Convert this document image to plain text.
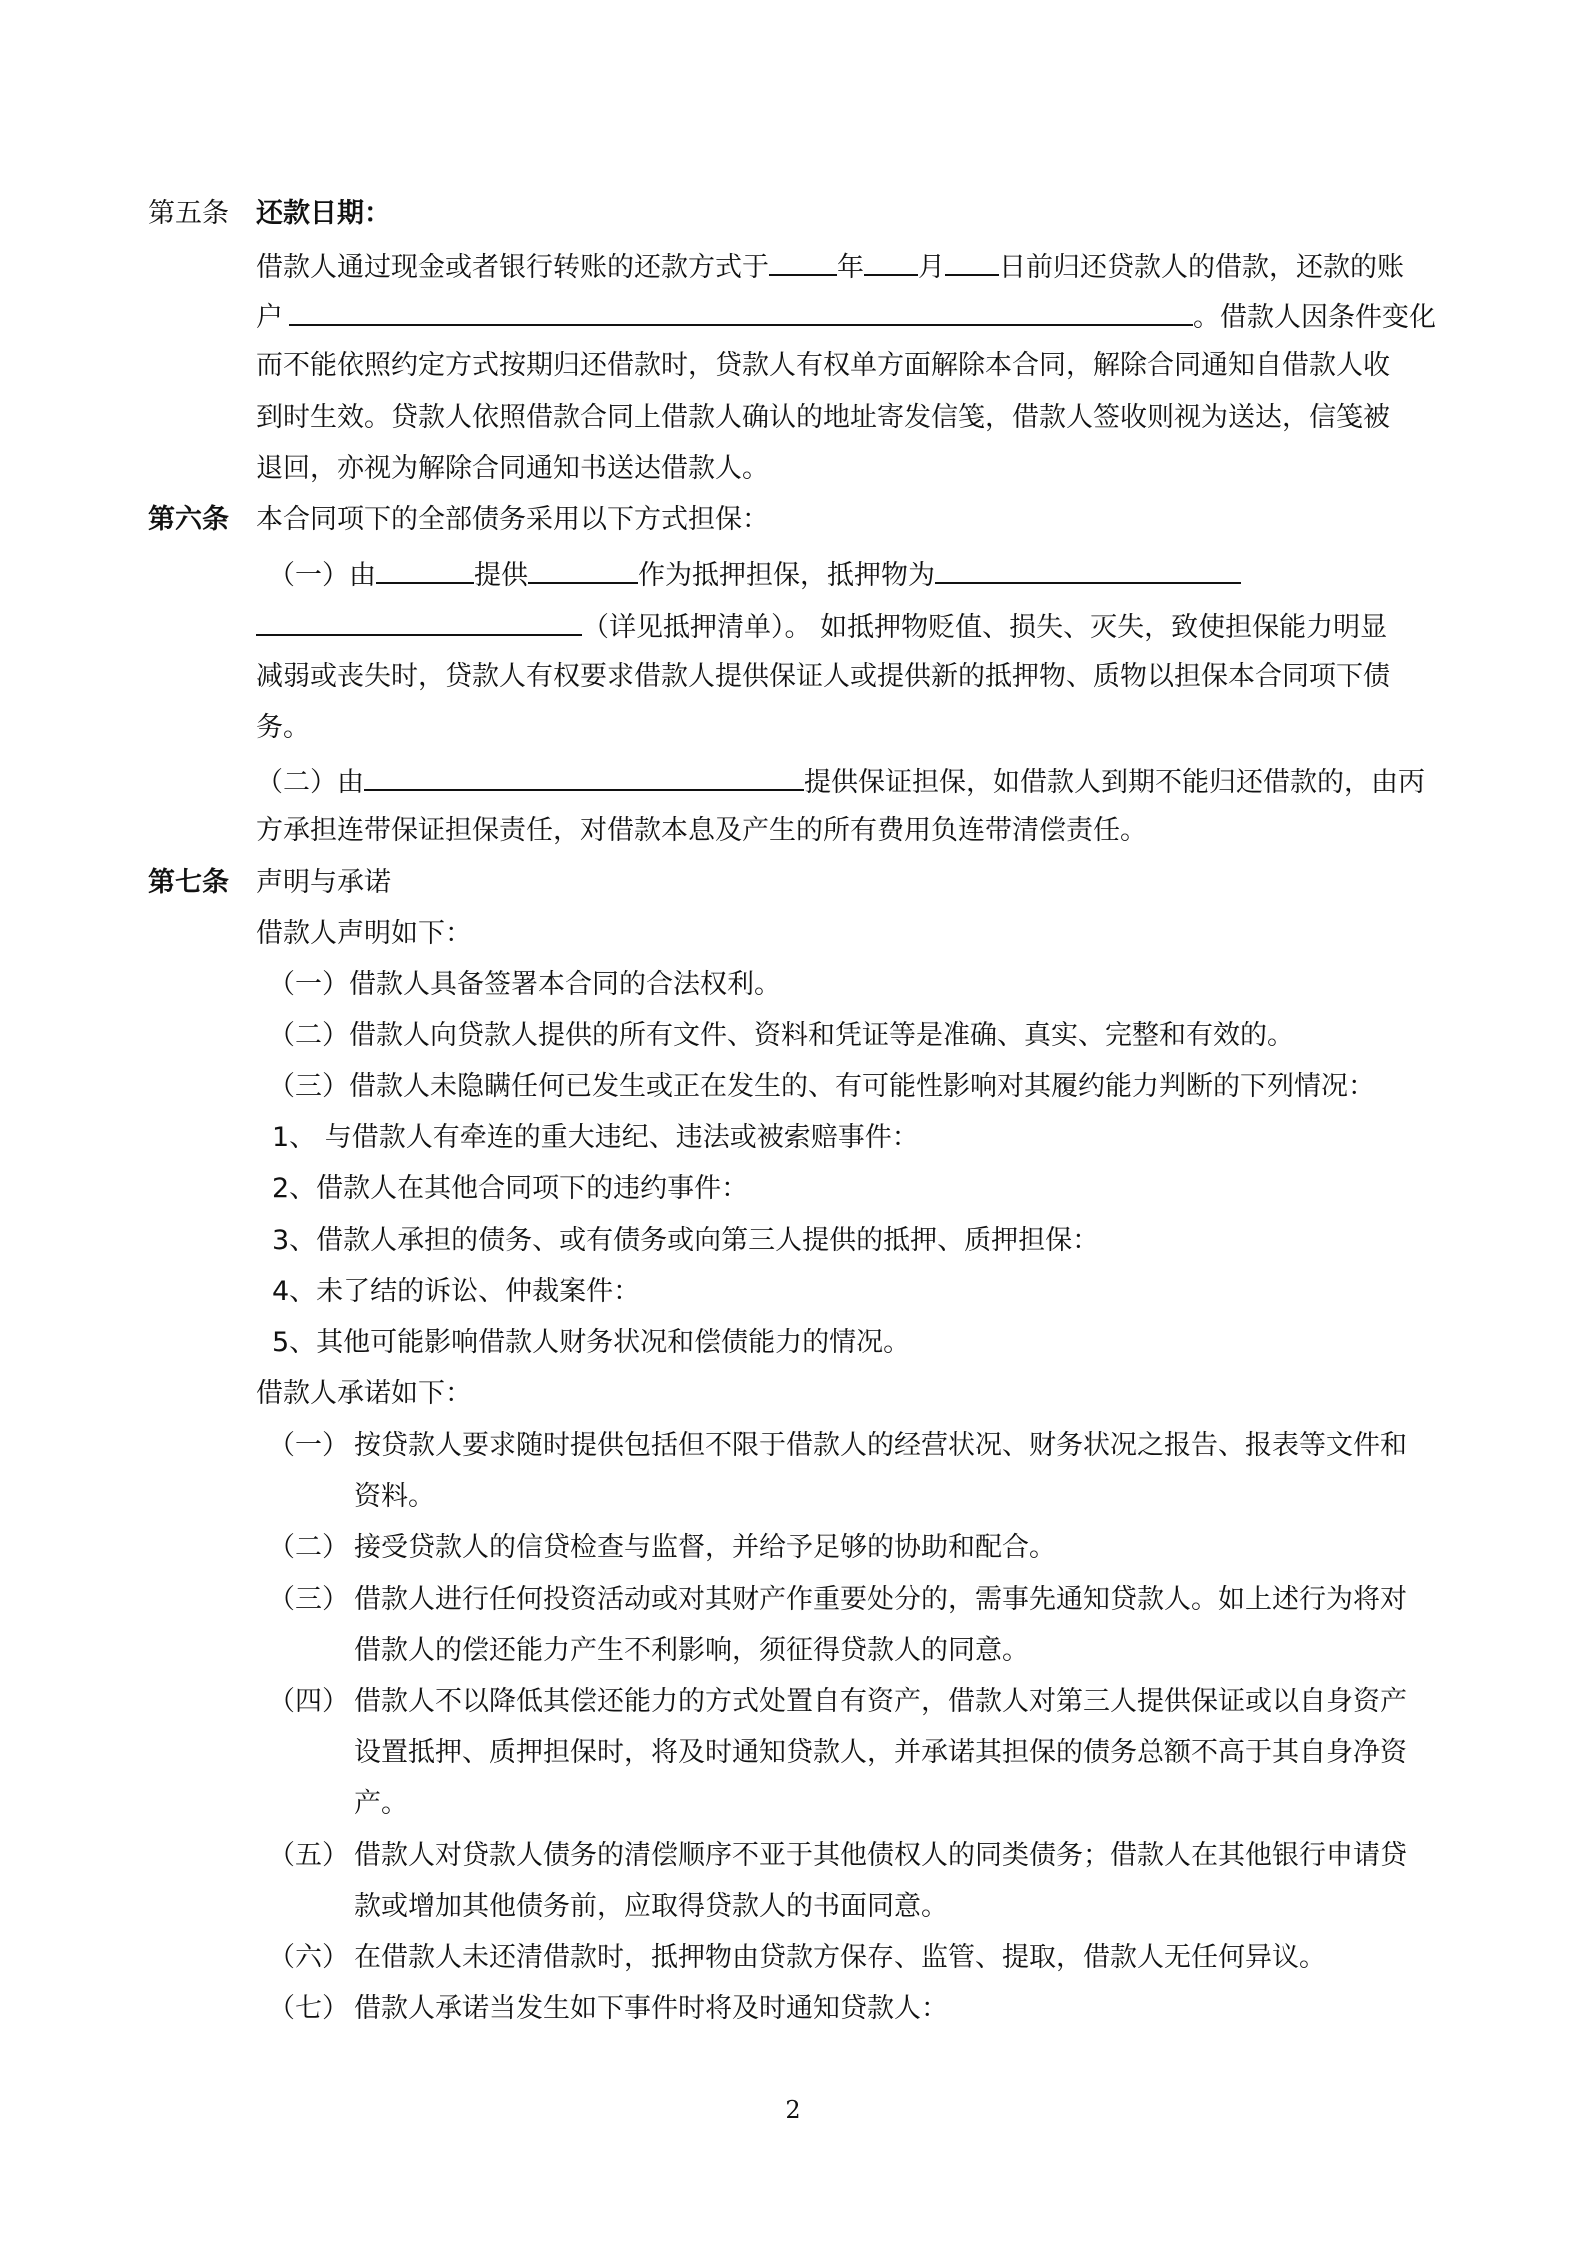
第五条 还款日期：
借款人通过现金或者银行转账的还款方式于	年 月 日前归还贷款人的借款，还款的账
户	。借款人因条件变化
而不能依照约定方式按期归还借款时，贷款人有权单方面解除本合同，解除合同通知自借款人收
到时生效。贷款人依照借款合同上借款人确认的地址寄发信笺，借款人签收则视为送达，信笺被
退回，亦视为解除合同通知书送达借款人。
第六条 本合同项下的全部债务采用以下方式担保：
（一）由	提供	作为抵押担保，抵押物为
（详见抵押清单）。 如抵押物贬值、损失、灭失，致使担保能力明显
减弱或丧失时，贷款人有权要求借款人提供保证人或提供新的抵押物、质物以担保本合同项下债
务。
（二）由	提供保证担保，如借款人到期不能归还借款的，由丙
方承担连带保证担保责任，对借款本息及产生的所有费用负连带清偿责任。
第七条 声明与承诺
借款人声明如下：
（一）借款人具备签署本合同的合法权利。
（二）借款人向贷款人提供的所有文件、资料和凭证等是准确、真实、完整和有效的。
（三）借款人未隐瞒任何已发生或正在发生的、有可能性影响对其履约能力判断的下列情况：
1、 与借款人有牵连的重大违纪、违法或被索赔事件：
2、借款人在其他合同项下的违约事件：
3、借款人承担的债务、或有债务或向第三人提供的抵押、质押担保：
4、未了结的诉讼、仲裁案件：
5、其他可能影响借款人财务状况和偿债能力的情况。
借款人承诺如下：
（一） 按贷款人要求随时提供包括但不限于借款人的经营状况、财务状况之报告、报表等文件和
资料。
（二） 接受贷款人的信贷检查与监督，并给予足够的协助和配合。
（三） 借款人进行任何投资活动或对其财产作重要处分的，需事先通知贷款人。如上述行为将对
借款人的偿还能力产生不利影响，须征得贷款人的同意。
（四） 借款人不以降低其偿还能力的方式处置自有资产，借款人对第三人提供保证或以自身资产
设置抵押、质押担保时，将及时通知贷款人，并承诺其担保的债务总额不高于其自身净资
产。
（五） 借款人对贷款人债务的清偿顺序不亚于其他债权人的同类债务；借款人在其他银行申请贷
款或增加其他债务前，应取得贷款人的书面同意。
（六） 在借款人未还清借款时，抵押物由贷款方保存、监管、提取，借款人无任何异议。
（七） 借款人承诺当发生如下事件时将及时通知贷款人：
2
